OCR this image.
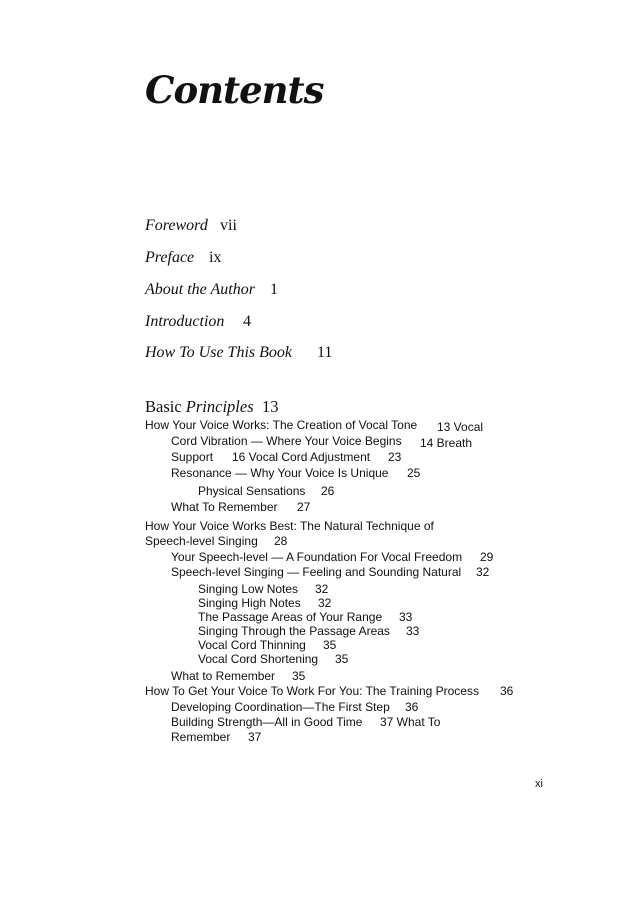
Contents
Foreword vii
Preface ix
About the Author 1
Introduction 4
How To Use This Book 11
Basic Principles 13
How Your Voice Works: The Creation of Vocal Tone 13 Vocal
Cord Vibration — Where Your Voice Begins 14 Breath
Support 16 Vocal Cord Adjustment 23
Resonance — Why Your Voice Is Unique 25
Physical Sensations 26
What To Remember 27
How Your Voice Works Best: The Natural Technique of
Speech-level Singing 28
Your Speech-level — A Foundation For Vocal Freedom 29
Speech-level Singing — Feeling and Sounding Natural 32
Singing Low Notes 32
Singing High Notes 32
The Passage Areas of Your Range 33
Singing Through the Passage Areas 33
Vocal Cord Thinning 35
Vocal Cord Shortening 35
What to Remember 35
How To Get Your Voice To Work For You: The Training Process 36
Developing Coordination—The First Step 36
Building Strength—All in Good Time 37 What To
Remember 37
xi
